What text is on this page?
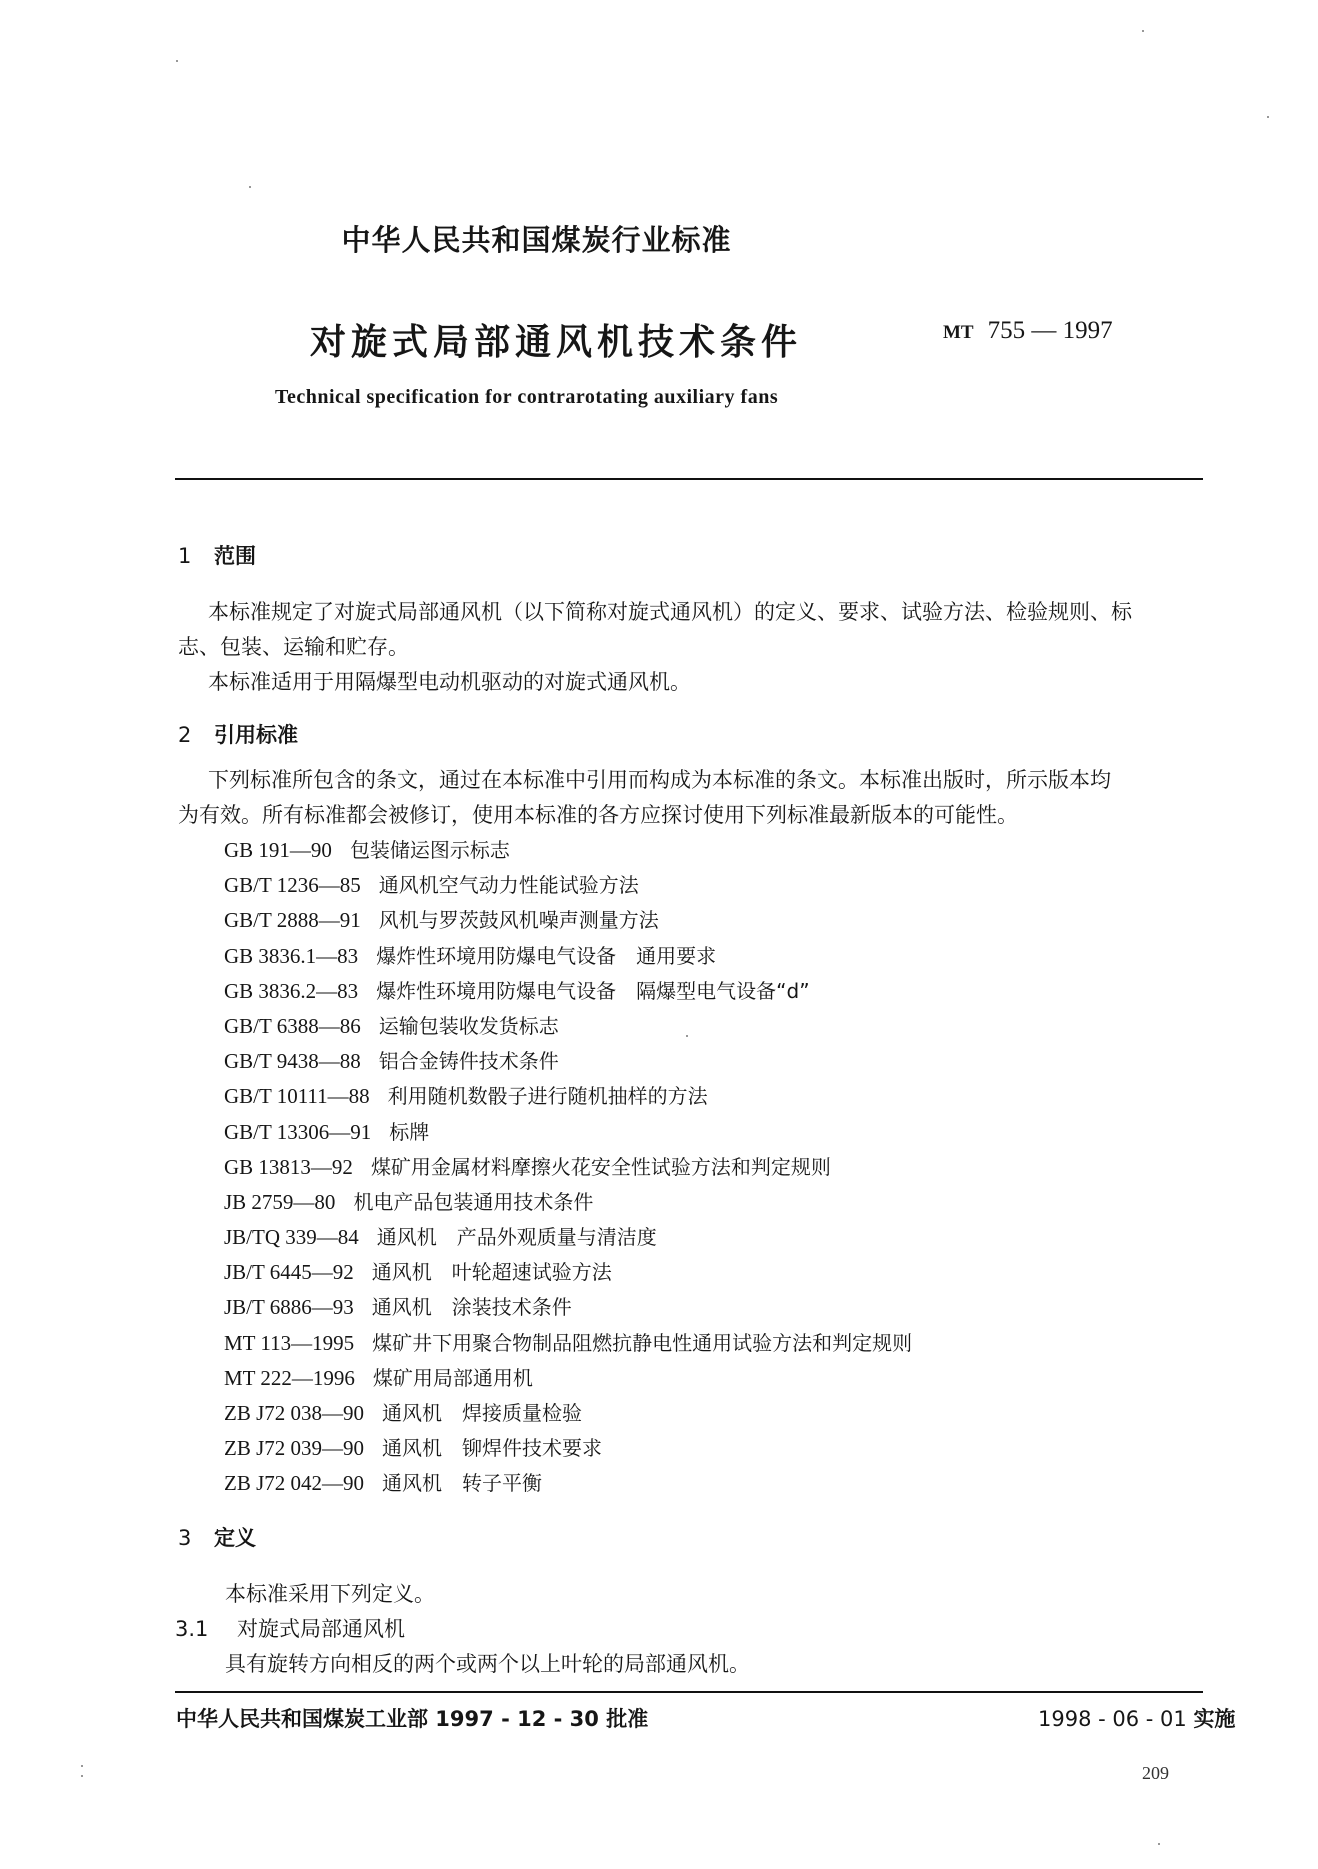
中华人民共和国煤炭行业标准
对旋式局部通风机技术条件	MT 755 — 1997
Technical specification for contrarotating auxiliary fans
1 范围
本标准规定了对旋式局部通风机（以下简称对旋式通风机）的定义、要求、试验方法、检验规则、标
志、包装、运输和贮存。
本标准适用于用隔爆型电动机驱动的对旋式通风机。
2 引用标准
下列标准所包含的条文，通过在本标准中引用而构成为本标准的条文。本标准出版时，所示版本均
为有效。所有标准都会被修订，使用本标准的各方应探讨使用下列标准最新版本的可能性。
GB 191—90 包装储运图示标志
GB/T 1236—85 通风机空气动力性能试验方法
GB/T 2888—91 风机与罗茨鼓风机噪声测量方法
GB 3836.1—83 爆炸性环境用防爆电气设备　通用要求
GB 3836.2—83 爆炸性环境用防爆电气设备　隔爆型电气设备“d”
GB/T 6388—86 运输包装收发货标志
GB/T 9438—88 铝合金铸件技术条件
GB/T 10111—88 利用随机数骰子进行随机抽样的方法
GB/T 13306—91 标牌
GB 13813—92 煤矿用金属材料摩擦火花安全性试验方法和判定规则
JB 2759—80 机电产品包装通用技术条件
JB/TQ 339—84 通风机　产品外观质量与清洁度
JB/T 6445—92 通风机　叶轮超速试验方法
JB/T 6886—93 通风机　涂装技术条件
MT 113—1995 煤矿井下用聚合物制品阻燃抗静电性通用试验方法和判定规则
MT 222—1996 煤矿用局部通用机
ZB J72 038—90 通风机　焊接质量检验
ZB J72 039—90 通风机　铆焊件技术要求
ZB J72 042—90 通风机　转子平衡
3 定义
本标准采用下列定义。
3.1 对旋式局部通风机
具有旋转方向相反的两个或两个以上叶轮的局部通风机。
中华人民共和国煤炭工业部 1997 - 12 - 30 批准	1998 - 06 - 01 实施
209
